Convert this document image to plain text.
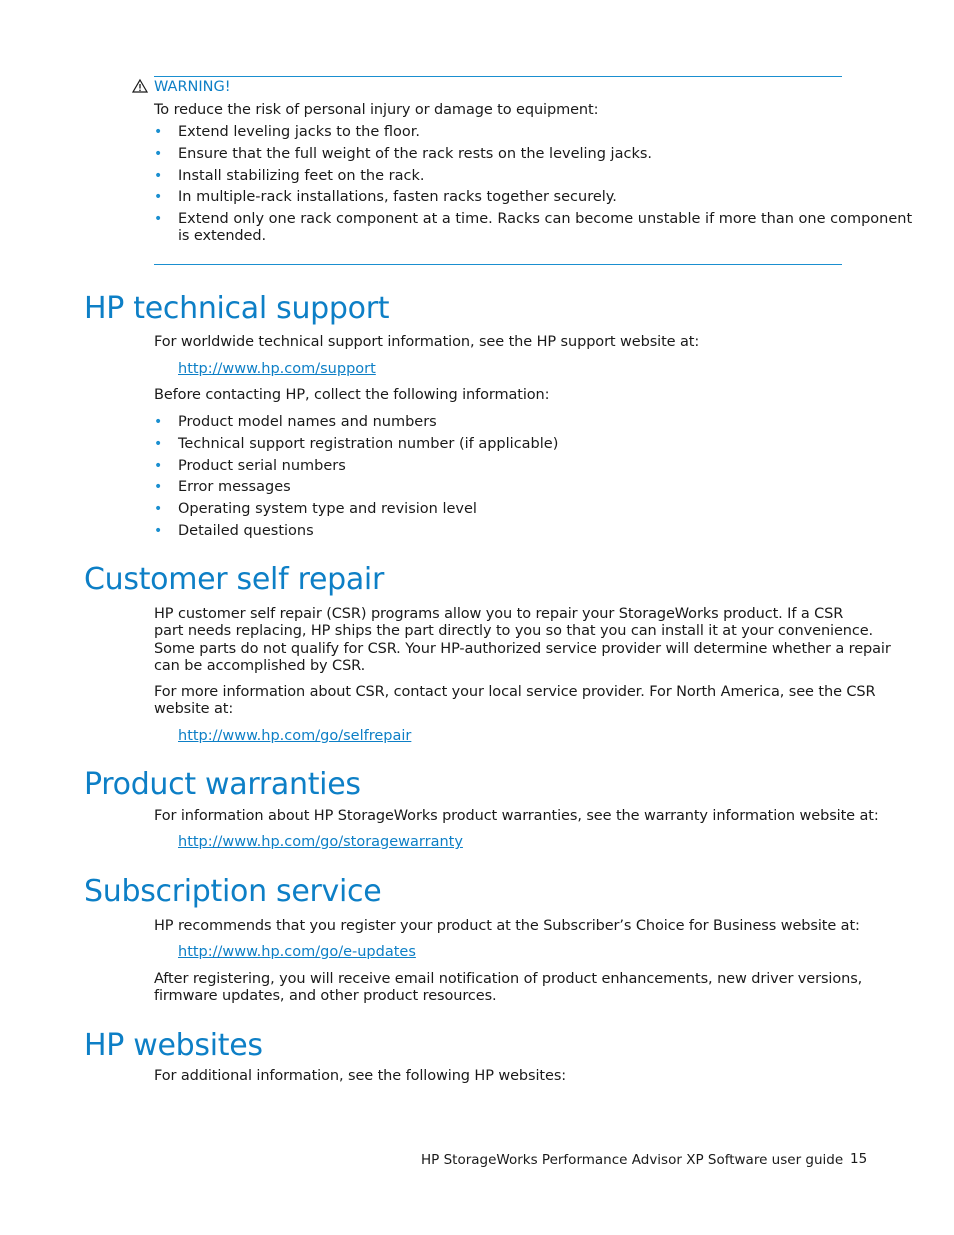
WARNING!
To reduce the risk of personal injury or damage to equipment:
• Extend leveling jacks to the floor.
• Ensure that the full weight of the rack rests on the leveling jacks.
• Install stabilizing feet on the rack.
• In multiple-rack installations, fasten racks together securely.
• Extend only one rack component at a time. Racks can become unstable if more than one component
is extended.
HP technical support
For worldwide technical support information, see the HP support website at:
http://www.hp.com/support
Before contacting HP, collect the following information:
• Product model names and numbers
• Technical support registration number (if applicable)
• Product serial numbers
• Error messages
• Operating system type and revision level
• Detailed questions
Customer self repair
HP customer self repair (CSR) programs allow you to repair your StorageWorks product. If a CSR
part needs replacing, HP ships the part directly to you so that you can install it at your convenience.
Some parts do not qualify for CSR. Your HP-authorized service provider will determine whether a repair
can be accomplished by CSR.
For more information about CSR, contact your local service provider. For North America, see the CSR
website at:
http://www.hp.com/go/selfrepair
Product warranties
For information about HP StorageWorks product warranties, see the warranty information website at:
http://www.hp.com/go/storagewarranty
Subscription service
HP recommends that you register your product at the Subscriber’s Choice for Business website at:
http://www.hp.com/go/e-updates
After registering, you will receive email notification of product enhancements, new driver versions,
firmware updates, and other product resources.
HP websites
For additional information, see the following HP websites:
HP StorageWorks Performance Advisor XP Software user guide 15
